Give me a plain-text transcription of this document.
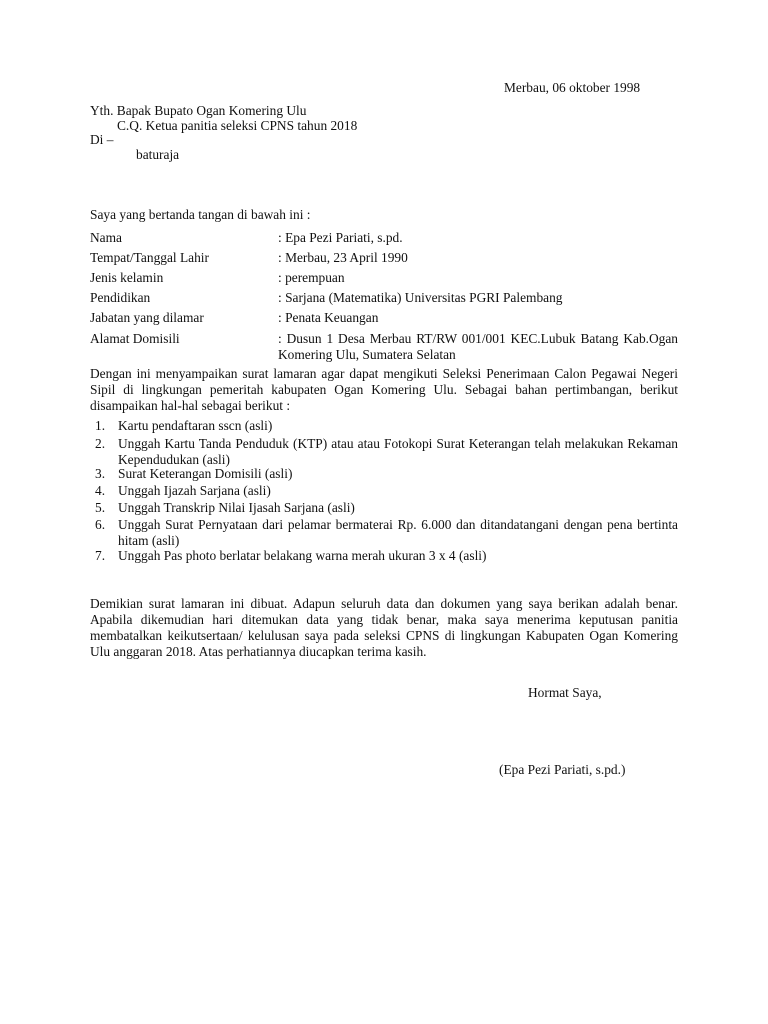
Merbau, 06 oktober 1998
Yth. Bapak Bupato Ogan Komering Ulu
C.Q. Ketua panitia seleksi CPNS tahun 2018
Di –
baturaja
Saya yang bertanda tangan di bawah ini :
Nama	: Epa Pezi Pariati, s.pd.
Tempat/Tanggal Lahir	: Merbau, 23 April 1990
Jenis kelamin	: perempuan
Pendidikan	: Sarjana (Matematika) Universitas PGRI Palembang
Jabatan yang dilamar	: Penata Keuangan
Alamat Domisili	: Dusun 1 Desa Merbau RT/RW 001/001 KEC.Lubuk Batang Kab.Ogan Komering Ulu, Sumatera Selatan
Dengan ini menyampaikan surat lamaran agar dapat mengikuti Seleksi Penerimaan Calon Pegawai Negeri Sipil di lingkungan pemeritah kabupaten Ogan Komering Ulu. Sebagai bahan pertimbangan, berikut disampaikan hal-hal sebagai berikut :
1. Kartu pendaftaran sscn (asli)
2. Unggah Kartu Tanda Penduduk (KTP) atau atau Fotokopi Surat Keterangan telah melakukan Rekaman Kependudukan (asli)
3. Surat Keterangan Domisili (asli)
4. Unggah Ijazah Sarjana (asli)
5. Unggah Transkrip Nilai Ijasah Sarjana (asli)
6. Unggah Surat Pernyataan dari pelamar bermaterai Rp. 6.000 dan ditandatangani dengan pena bertinta hitam (asli)
7. Unggah Pas photo berlatar belakang warna merah ukuran 3 x 4 (asli)
Demikian surat lamaran ini dibuat. Adapun seluruh data dan dokumen yang saya berikan adalah benar. Apabila dikemudian hari ditemukan data yang tidak benar, maka saya menerima keputusan panitia membatalkan keikutsertaan/ kelulusan saya pada seleksi CPNS di lingkungan Kabupaten Ogan Komering Ulu anggaran 2018. Atas perhatiannya diucapkan terima kasih.
Hormat Saya,
(Epa Pezi Pariati, s.pd.)
